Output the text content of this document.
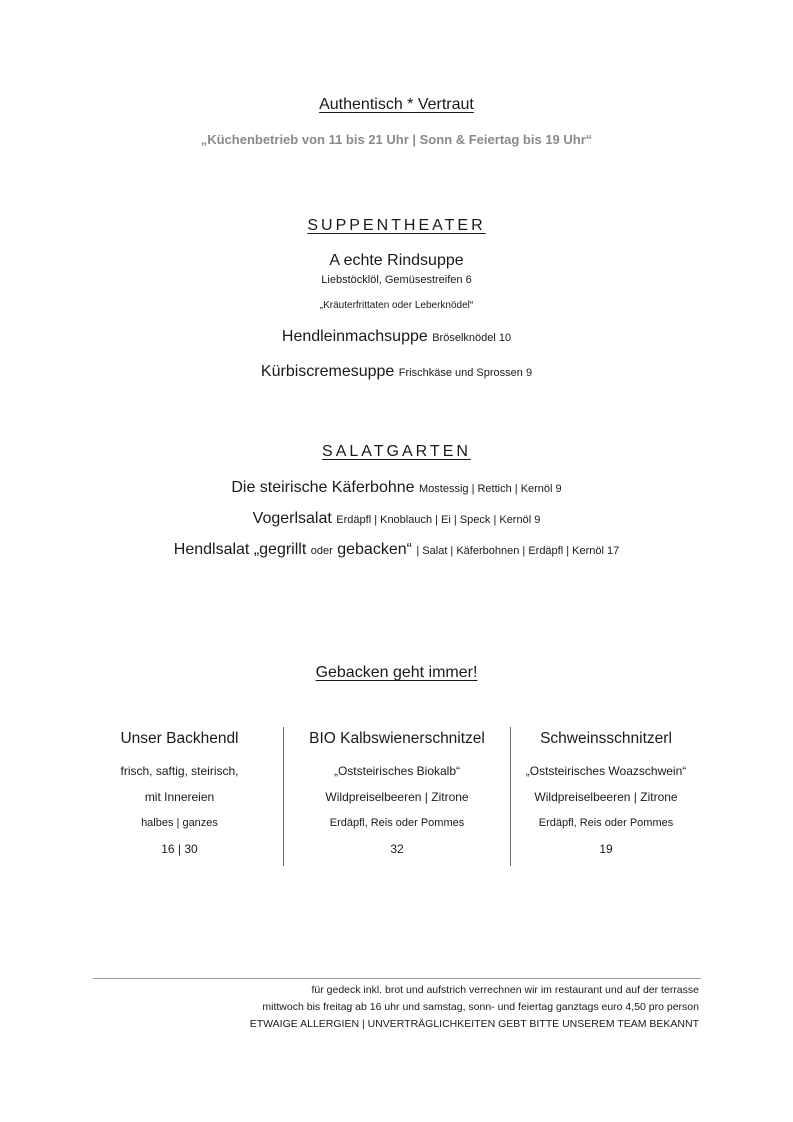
Authentisch * Vertraut
„Küchenbetrieb von 11 bis 21 Uhr | Sonn & Feiertag bis 19 Uhr“
SUPPENTHEATER
A echte Rindsuppe
Liebstöcklöl, Gemüsestreifen 6
„Kräuterfrittaten oder Leberknödel“
Hendleinmachsuppe Bröselknödel 10
Kürbiscremesuppe Frischkäse und Sprossen 9
SALATGARTEN
Die steirische Käferbohne Mostessig | Rettich | Kernöl 9
Vogerlsalat Erdäpfl | Knoblauch | Ei | Speck | Kernöl 9
Hendlsalat „gegrillt oder gebacken“ | Salat | Käferbohnen | Erdäpfl | Kernöl 17
Gebacken geht immer!
Unser Backhendl
frisch, saftig, steirisch,
mit Innereien
halbes | ganzes
16 | 30
BIO Kalbswienerschnitzel
„Oststeirisches Biokalb“
Wildpreiselbeeren | Zitrone
Erdäpfl, Reis oder Pommes
32
Schweinsschnitzerl
„Oststeirisches Woazschwein“
Wildpreiselbeeren | Zitrone
Erdäpfl, Reis oder Pommes
19
für gedeck inkl. brot und aufstrich verrechnen wir im restaurant und auf der terrasse
mittwoch bis freitag ab 16 uhr und samstag, sonn- und feiertag ganztags euro 4,50 pro person
ETWAIGE ALLERGIEN | UNVERTRÄGLICHKEITEN GEBT BITTE UNSEREM TEAM BEKANNT
